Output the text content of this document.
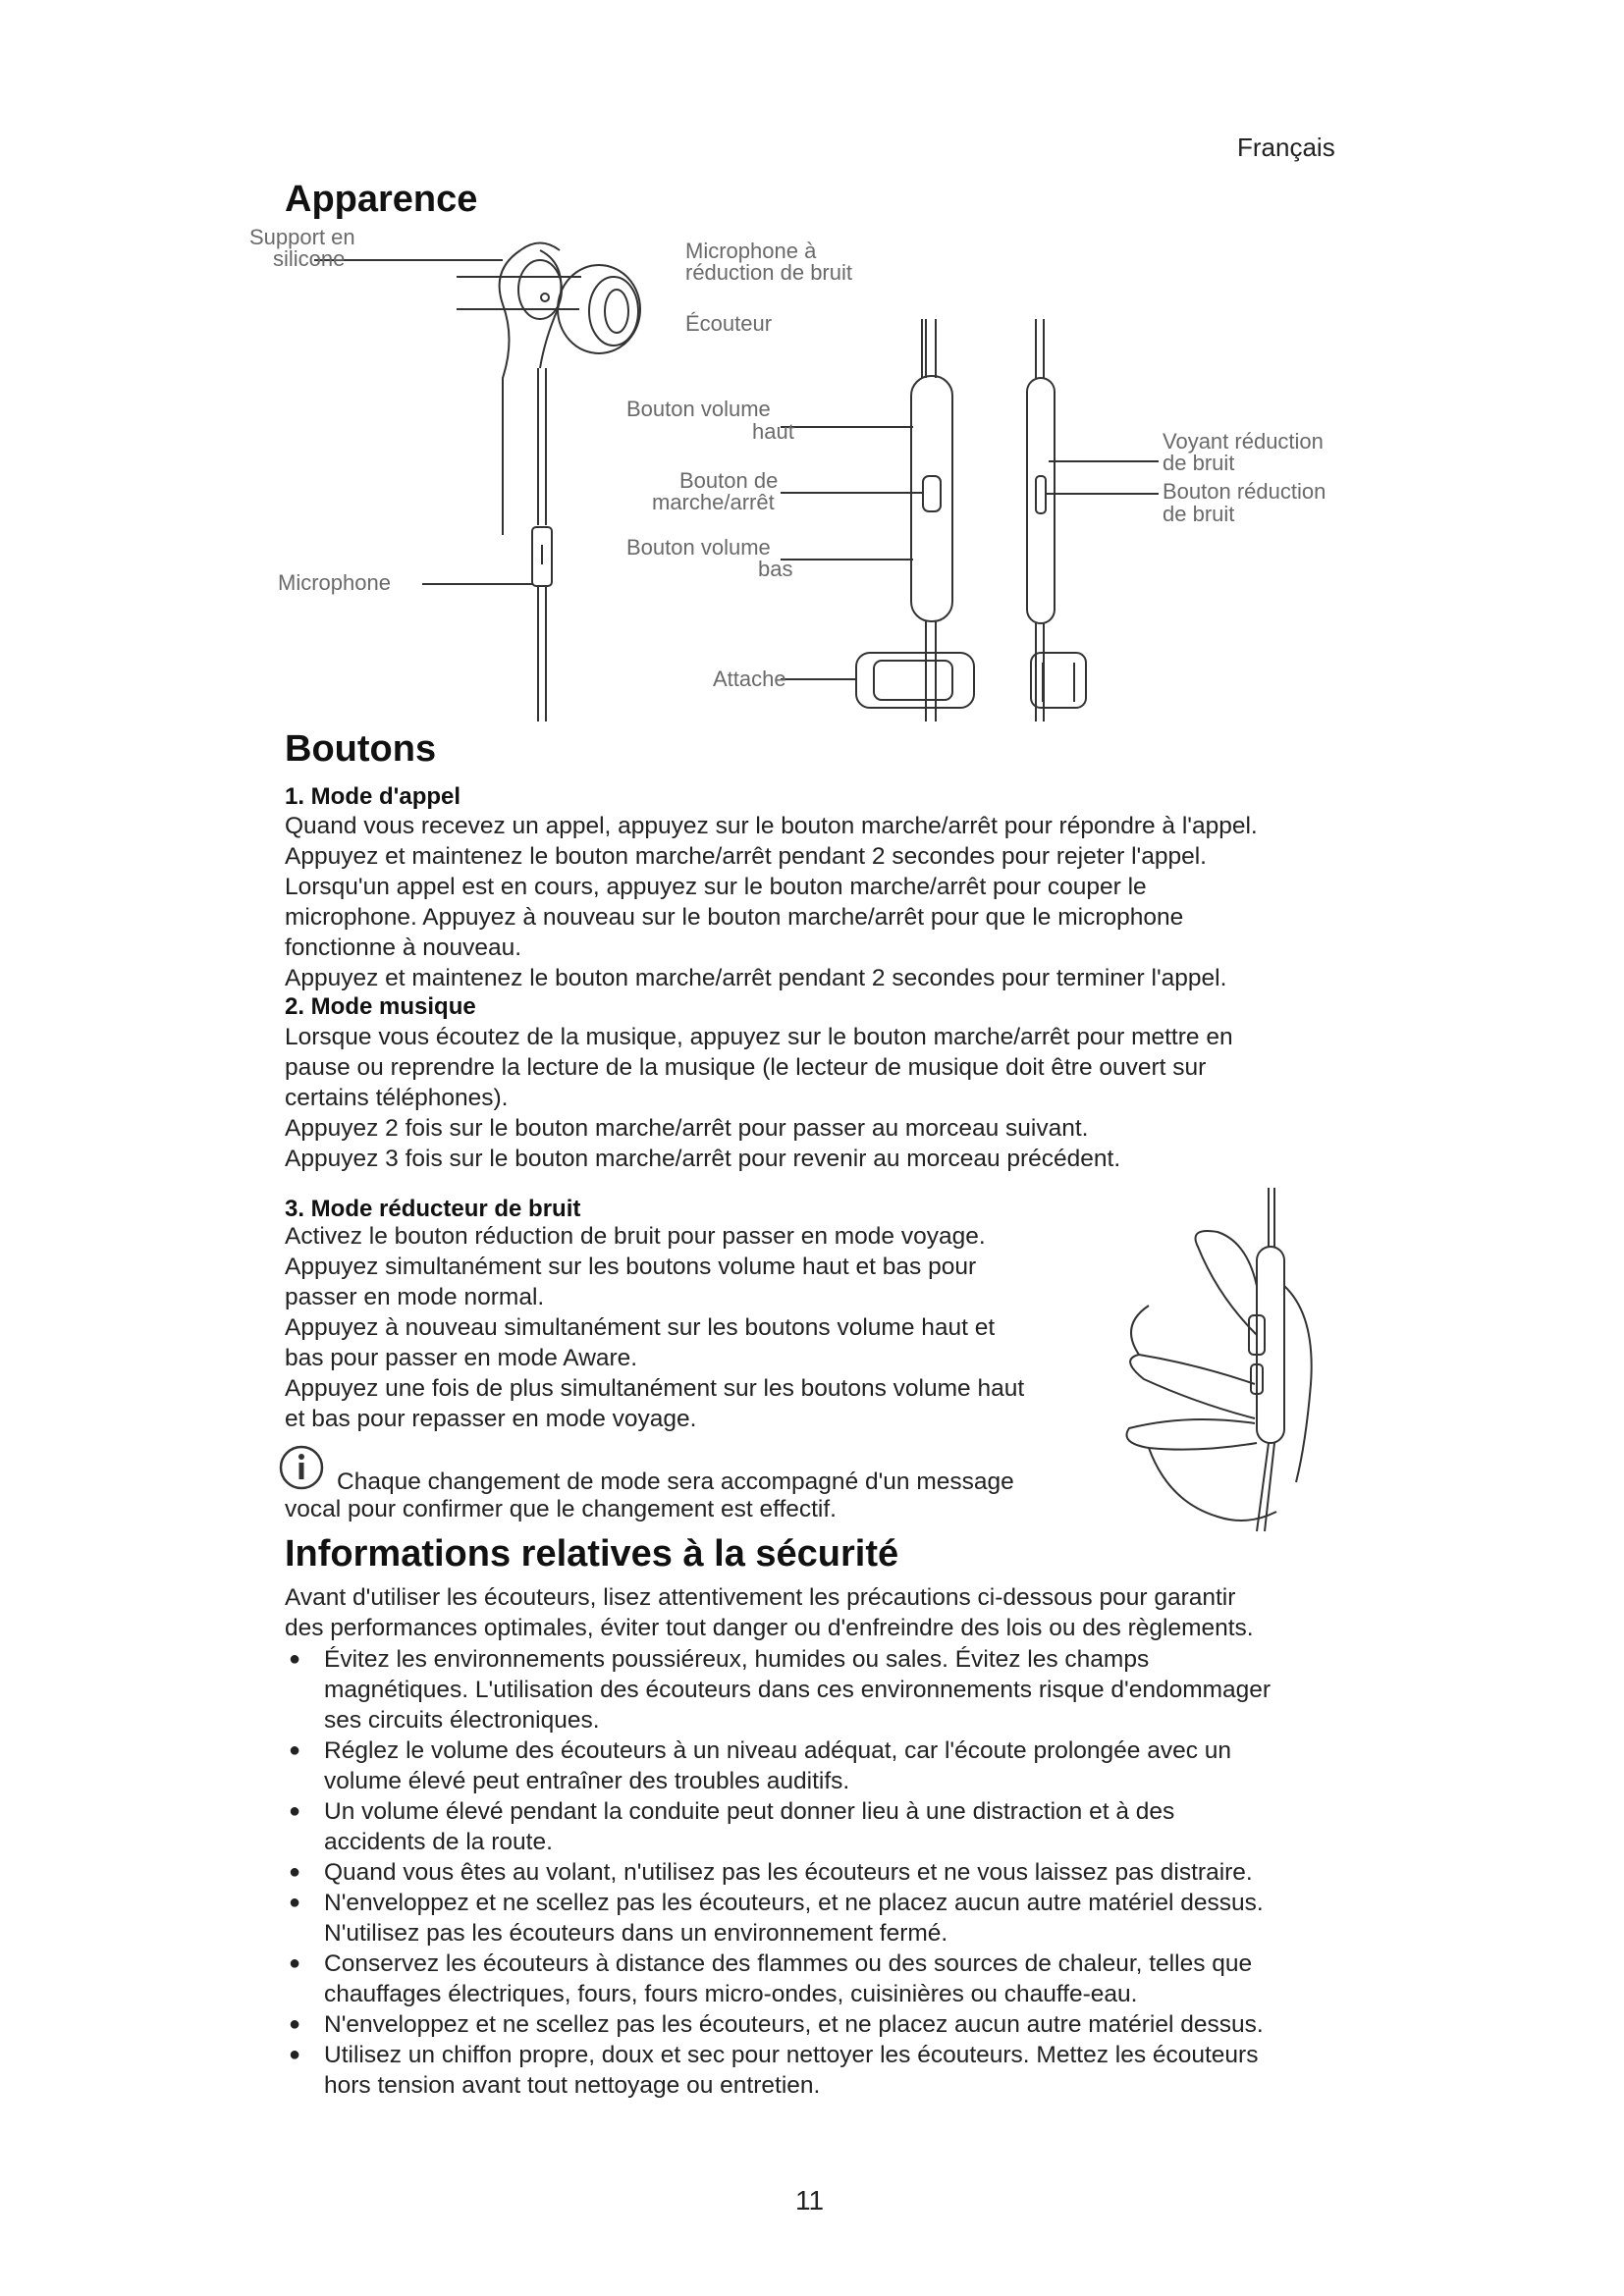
Français
Apparence
Support en
silicone	Microphone à
réduction de bruit
Écouteur
Bouton volume
haut
Bouton de
marche/arrêt
Bouton volume
bas
Microphone
Attache
Voyant réduction
de bruit
Bouton réduction
de bruit
Boutons
1. Mode d'appel
Quand vous recevez un appel, appuyez sur le bouton marche/arrêt pour répondre à l'appel.
Appuyez et maintenez le bouton marche/arrêt pendant 2 secondes pour rejeter l'appel.
Lorsqu'un appel est en cours, appuyez sur le bouton marche/arrêt pour couper le
microphone. Appuyez à nouveau sur le bouton marche/arrêt pour que le microphone
fonctionne à nouveau.
Appuyez et maintenez le bouton marche/arrêt pendant 2 secondes pour terminer l'appel.
2. Mode musique
Lorsque vous écoutez de la musique, appuyez sur le bouton marche/arrêt pour mettre en
pause ou reprendre la lecture de la musique (le lecteur de musique doit être ouvert sur
certains téléphones).
Appuyez 2 fois sur le bouton marche/arrêt pour passer au morceau suivant.
Appuyez 3 fois sur le bouton marche/arrêt pour revenir au morceau précédent.
3. Mode réducteur de bruit
Activez le bouton réduction de bruit pour passer en mode voyage.
Appuyez simultanément sur les boutons volume haut et bas pour
passer en mode normal.
Appuyez à nouveau simultanément sur les boutons volume haut et
bas pour passer en mode Aware.
Appuyez une fois de plus simultanément sur les boutons volume haut
et bas pour repasser en mode voyage.
Chaque changement de mode sera accompagné d'un message
vocal pour confirmer que le changement est effectif.
Informations relatives à la sécurité
Avant d'utiliser les écouteurs, lisez attentivement les précautions ci-dessous pour garantir
des performances optimales, éviter tout danger ou d'enfreindre des lois ou des règlements.
● Évitez les environnements poussiéreux, humides ou sales. Évitez les champs
magnétiques. L'utilisation des écouteurs dans ces environnements risque d'endommager
ses circuits électroniques.
● Réglez le volume des écouteurs à un niveau adéquat, car l'écoute prolongée avec un
volume élevé peut entraîner des troubles auditifs.
● Un volume élevé pendant la conduite peut donner lieu à une distraction et à des
accidents de la route.
● Quand vous êtes au volant, n'utilisez pas les écouteurs et ne vous laissez pas distraire.
● N'enveloppez et ne scellez pas les écouteurs, et ne placez aucun autre matériel dessus.
N'utilisez pas les écouteurs dans un environnement fermé.
● Conservez les écouteurs à distance des flammes ou des sources de chaleur, telles que
chauffages électriques, fours, fours micro-ondes, cuisinières ou chauffe-eau.
● N'enveloppez et ne scellez pas les écouteurs, et ne placez aucun autre matériel dessus.
● Utilisez un chiffon propre, doux et sec pour nettoyer les écouteurs. Mettez les écouteurs
hors tension avant tout nettoyage ou entretien.
11
